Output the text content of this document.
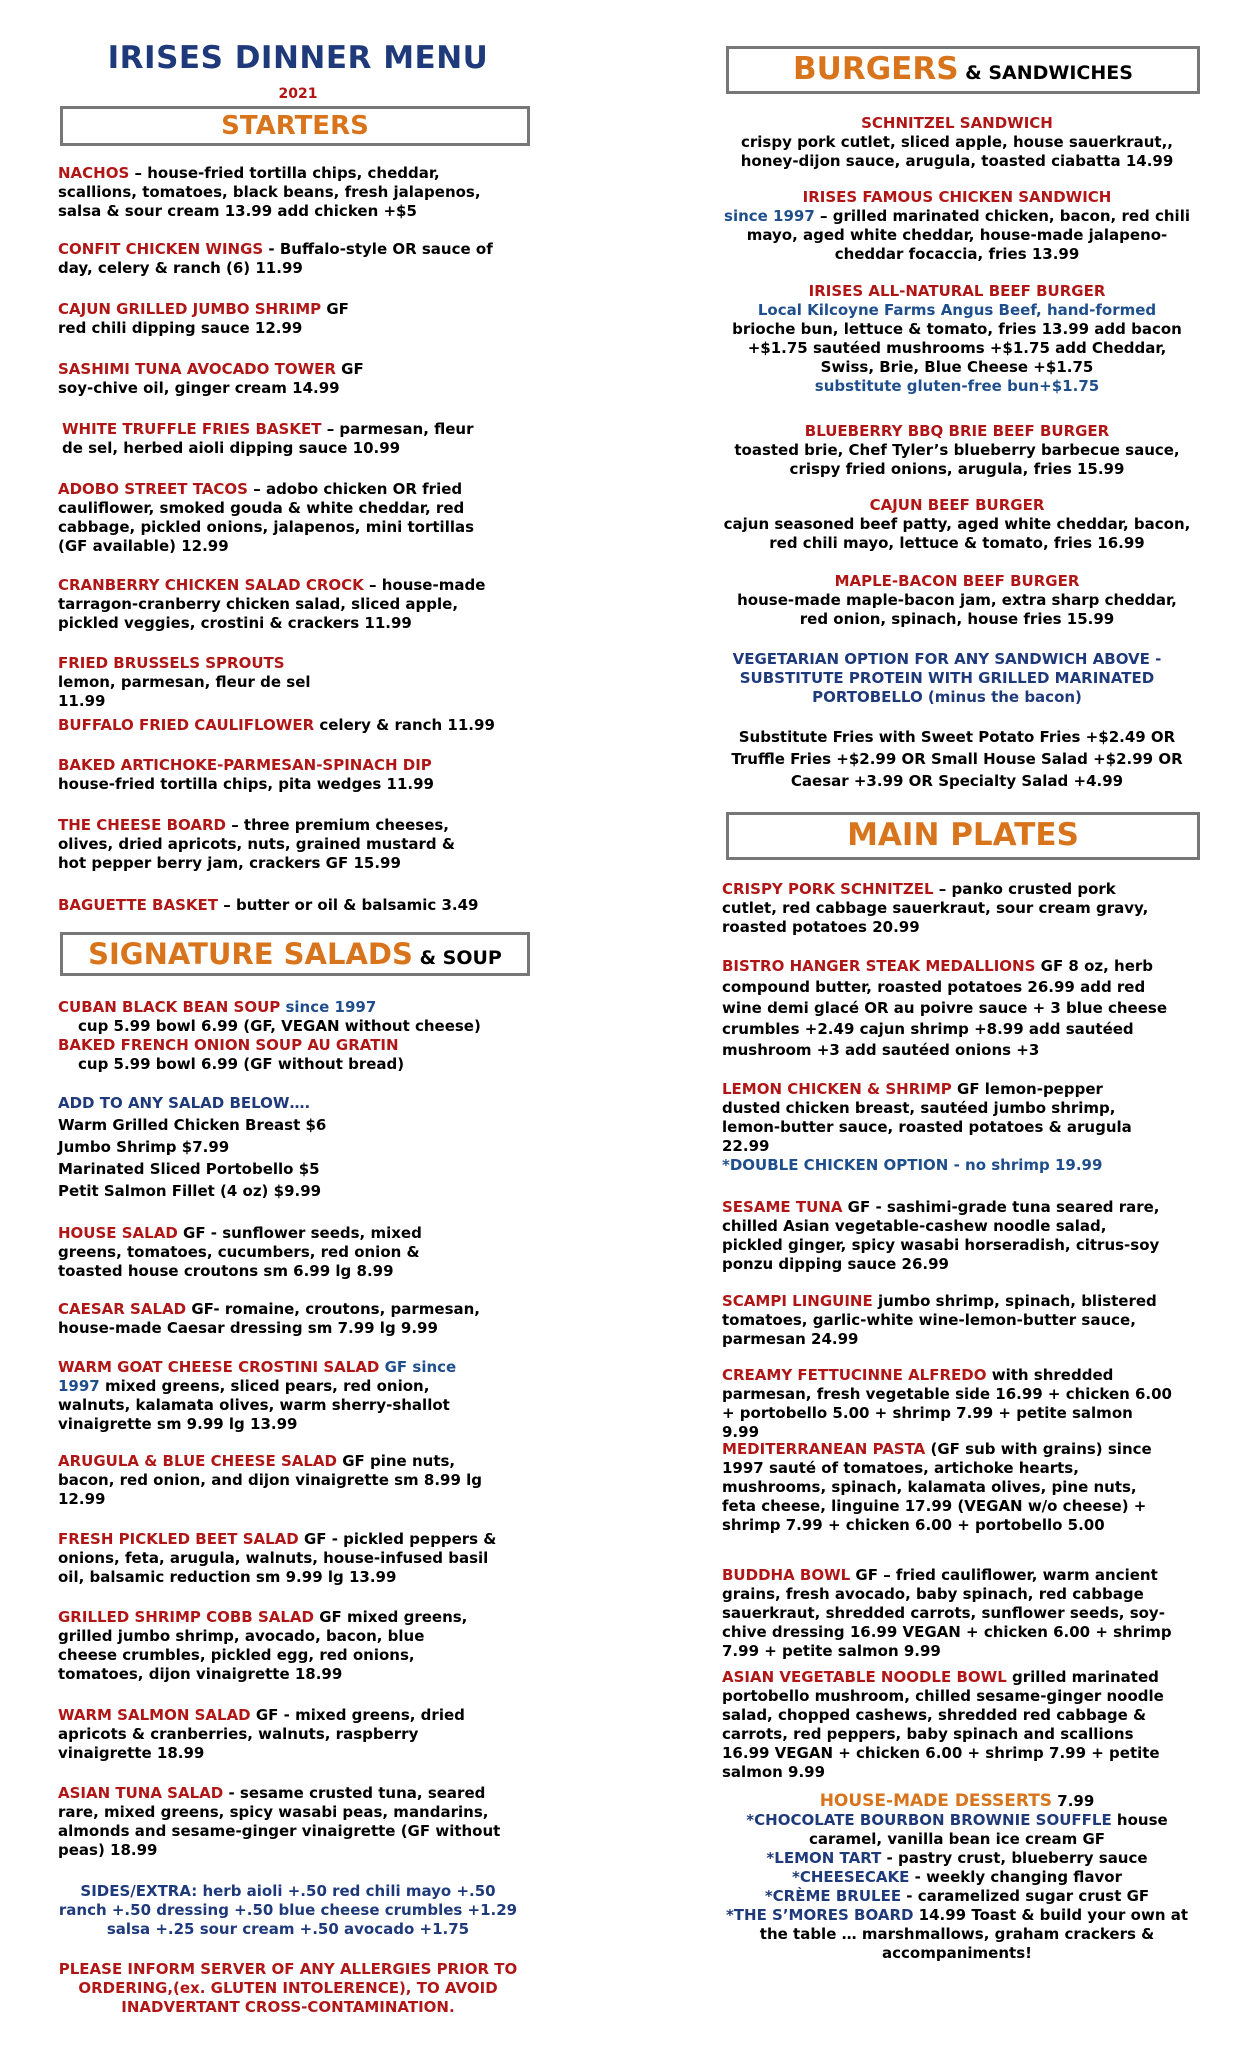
IRISES DINNER MENU
2021
STARTERS
NACHOS – house-fried tortilla chips, cheddar, scallions, tomatoes, black beans, fresh jalapenos, salsa & sour cream 13.99 add chicken +$5
CONFIT CHICKEN WINGS - Buffalo-style OR sauce of day, celery & ranch (6) 11.99
CAJUN GRILLED JUMBO SHRIMP GF red chili dipping sauce 12.99
SASHIMI TUNA AVOCADO TOWER GF soy-chive oil, ginger cream 14.99
WHITE TRUFFLE FRIES BASKET – parmesan, fleur de sel, herbed aioli dipping sauce 10.99
ADOBO STREET TACOS – adobo chicken OR fried cauliflower, smoked gouda & white cheddar, red cabbage, pickled onions, jalapenos, mini tortillas (GF available) 12.99
CRANBERRY CHICKEN SALAD CROCK – house-made tarragon-cranberry chicken salad, sliced apple, pickled veggies, crostini & crackers 11.99
FRIED BRUSSELS SPROUTS lemon, parmesan, fleur de sel 11.99
BUFFALO FRIED CAULIFLOWER celery & ranch 11.99
BAKED ARTICHOKE-PARMESAN-SPINACH DIP house-fried tortilla chips, pita wedges 11.99
THE CHEESE BOARD – three premium cheeses, olives, dried apricots, nuts, grained mustard & hot pepper berry jam, crackers GF 15.99
BAGUETTE BASKET – butter or oil & balsamic 3.49
SIGNATURE SALADS & SOUP
CUBAN BLACK BEAN SOUP since 1997
cup 5.99 bowl 6.99 (GF, VEGAN without cheese)
BAKED FRENCH ONION SOUP AU GRATIN
cup 5.99 bowl 6.99 (GF without bread)
ADD TO ANY SALAD BELOW….
Warm Grilled Chicken Breast $6
Jumbo Shrimp $7.99
Marinated Sliced Portobello $5
Petit Salmon Fillet (4 oz) $9.99
HOUSE SALAD GF - sunflower seeds, mixed greens, tomatoes, cucumbers, red onion & toasted house croutons sm 6.99 lg 8.99
CAESAR SALAD GF- romaine, croutons, parmesan, house-made Caesar dressing sm 7.99 lg 9.99
WARM GOAT CHEESE CROSTINI SALAD GF since 1997 mixed greens, sliced pears, red onion, walnuts, kalamata olives, warm sherry-shallot vinaigrette sm 9.99 lg 13.99
ARUGULA & BLUE CHEESE SALAD GF pine nuts, bacon, red onion, and dijon vinaigrette sm 8.99 lg 12.99
FRESH PICKLED BEET SALAD GF - pickled peppers & onions, feta, arugula, walnuts, house-infused basil oil, balsamic reduction sm 9.99 lg 13.99
GRILLED SHRIMP COBB SALAD GF mixed greens, grilled jumbo shrimp, avocado, bacon, blue cheese crumbles, pickled egg, red onions, tomatoes, dijon vinaigrette 18.99
WARM SALMON SALAD GF - mixed greens, dried apricots & cranberries, walnuts, raspberry vinaigrette 18.99
ASIAN TUNA SALAD - sesame crusted tuna, seared rare, mixed greens, spicy wasabi peas, mandarins, almonds and sesame-ginger vinaigrette (GF without peas) 18.99
SIDES/EXTRA: herb aioli +.50 red chili mayo +.50 ranch +.50 dressing +.50 blue cheese crumbles +1.29 salsa +.25 sour cream +.50 avocado +1.75
PLEASE INFORM SERVER OF ANY ALLERGIES PRIOR TO ORDERING,(ex. GLUTEN INTOLERENCE), TO AVOID INADVERTANT CROSS-CONTAMINATION.
BURGERS & SANDWICHES
SCHNITZEL SANDWICH
crispy pork cutlet, sliced apple, house sauerkraut,, honey-dijon sauce, arugula, toasted ciabatta 14.99
IRISES FAMOUS CHICKEN SANDWICH
since 1997 – grilled marinated chicken, bacon, red chili mayo, aged white cheddar, house-made jalapeno-cheddar focaccia, fries 13.99
IRISES ALL-NATURAL BEEF BURGER
Local Kilcoyne Farms Angus Beef, hand-formed
brioche bun, lettuce & tomato, fries 13.99 add bacon +$1.75 sautéed mushrooms +$1.75 add Cheddar, Swiss, Brie, Blue Cheese +$1.75
substitute gluten-free bun+$1.75
BLUEBERRY BBQ BRIE BEEF BURGER
toasted brie, Chef Tyler’s blueberry barbecue sauce, crispy fried onions, arugula, fries 15.99
CAJUN BEEF BURGER
cajun seasoned beef patty, aged white cheddar, bacon, red chili mayo, lettuce & tomato, fries 16.99
MAPLE-BACON BEEF BURGER
house-made maple-bacon jam, extra sharp cheddar, red onion, spinach, house fries 15.99
VEGETARIAN OPTION FOR ANY SANDWICH ABOVE - SUBSTITUTE PROTEIN WITH GRILLED MARINATED PORTOBELLO (minus the bacon)
Substitute Fries with Sweet Potato Fries +$2.49 OR Truffle Fries +$2.99 OR Small House Salad +$2.99 OR Caesar +3.99 OR Specialty Salad +4.99
MAIN PLATES
CRISPY PORK SCHNITZEL – panko crusted pork cutlet, red cabbage sauerkraut, sour cream gravy, roasted potatoes 20.99
BISTRO HANGER STEAK MEDALLIONS GF 8 oz, herb compound butter, roasted potatoes 26.99 add red wine demi glacé OR au poivre sauce + 3 blue cheese crumbles +2.49 cajun shrimp +8.99 add sautéed mushroom +3 add sautéed onions +3
LEMON CHICKEN & SHRIMP GF lemon-pepper dusted chicken breast, sautéed jumbo shrimp, lemon-butter sauce, roasted potatoes & arugula 22.99
*DOUBLE CHICKEN OPTION - no shrimp 19.99
SESAME TUNA GF - sashimi-grade tuna seared rare, chilled Asian vegetable-cashew noodle salad, pickled ginger, spicy wasabi horseradish, citrus-soy ponzu dipping sauce 26.99
SCAMPI LINGUINE jumbo shrimp, spinach, blistered tomatoes, garlic-white wine-lemon-butter sauce, parmesan 24.99
CREAMY FETTUCINNE ALFREDO with shredded parmesan, fresh vegetable side 16.99 + chicken 6.00 + portobello 5.00 + shrimp 7.99 + petite salmon 9.99
MEDITERRANEAN PASTA (GF sub with grains) since 1997 sauté of tomatoes, artichoke hearts, mushrooms, spinach, kalamata olives, pine nuts, feta cheese, linguine 17.99 (VEGAN w/o cheese) + shrimp 7.99 + chicken 6.00 + portobello 5.00
BUDDHA BOWL GF – fried cauliflower, warm ancient grains, fresh avocado, baby spinach, red cabbage sauerkraut, shredded carrots, sunflower seeds, soy-chive dressing 16.99 VEGAN + chicken 6.00 + shrimp 7.99 + petite salmon 9.99
ASIAN VEGETABLE NOODLE BOWL grilled marinated portobello mushroom, chilled sesame-ginger noodle salad, chopped cashews, shredded red cabbage & carrots, red peppers, baby spinach and scallions 16.99 VEGAN + chicken 6.00 + shrimp 7.99 + petite salmon 9.99
HOUSE-MADE DESSERTS 7.99
*CHOCOLATE BOURBON BROWNIE SOUFFLE house caramel, vanilla bean ice cream GF
*LEMON TART - pastry crust, blueberry sauce
*CHEESECAKE - weekly changing flavor
*CRÈME BRULEE - caramelized sugar crust GF
*THE S’MORES BOARD 14.99 Toast & build your own at the table … marshmallows, graham crackers & accompaniments!
